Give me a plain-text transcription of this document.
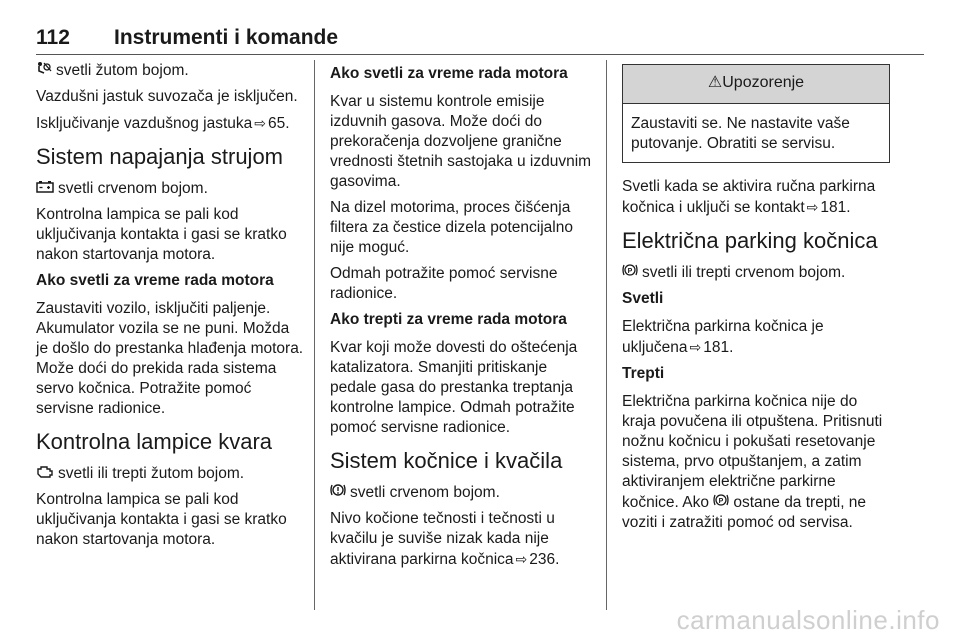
112 Instrumenti i komande

svetli žutom bojom.

Vazdušni jastuk suvozača je isključen.

Isključivanje vazdušnog jastuka ⇨ 65.

Sistem napajanja strujom

svetli crvenom bojom.

Kontrolna lampica se pali kod uključivanja kontakta i gasi se kratko nakon startovanja motora.

Ako svetli za vreme rada motora

Zaustaviti vozilo, isključiti paljenje. Akumulator vozila se ne puni. Možda je došlo do prestanka hlađenja motora. Može doći do prekida rada sistema servo kočnica. Potražite pomoć servisne radionice.

Kontrolna lampice kvara

svetli ili trepti žutom bojom.

Kontrolna lampica se pali kod uključivanja kontakta i gasi se kratko nakon startovanja motora.

Ako svetli za vreme rada motora

Kvar u sistemu kontrole emisije izduvnih gasova. Može doći do prekoračenja dozvoljene granične vrednosti štetnih sastojaka u izduvnim gasovima.

Na dizel motorima, proces čišćenja filtera za čestice dizela potencijalno nije moguć.

Odmah potražite pomoć servisne radionice.

Ako trepti za vreme rada motora

Kvar koji može dovesti do oštećenja katalizatora. Smanjiti pritiskanje pedale gasa do prestanka treptanja kontrolne lampice. Odmah potražite pomoć servisne radionice.

Sistem kočnice i kvačila

svetli crvenom bojom.

Nivo kočione tečnosti i tečnosti u kvačilu je suviše nizak kada nije aktivirana parkirna kočnica ⇨ 236.

⚠Upozorenje
Zaustaviti se. Ne nastavite vaše putovanje. Obratiti se servisu.

Svetli kada se aktivira ručna parkirna kočnica i uključi se kontakt ⇨ 181.

Električna parking kočnica

P svetli ili trepti crvenom bojom.

Svetli

Električna parkirna kočnica je uključena ⇨ 181.

Trepti

Električna parkirna kočnica nije do kraja povučena ili otpuštena. Pritisnuti nožnu kočnicu i pokušati resetovanje sistema, prvo otpuštanjem, a zatim aktiviranjem električne parkirne kočnice. Ako P ostane da trepti, ne voziti i zatražiti pomoć od servisa.

carmanualsonline.info
